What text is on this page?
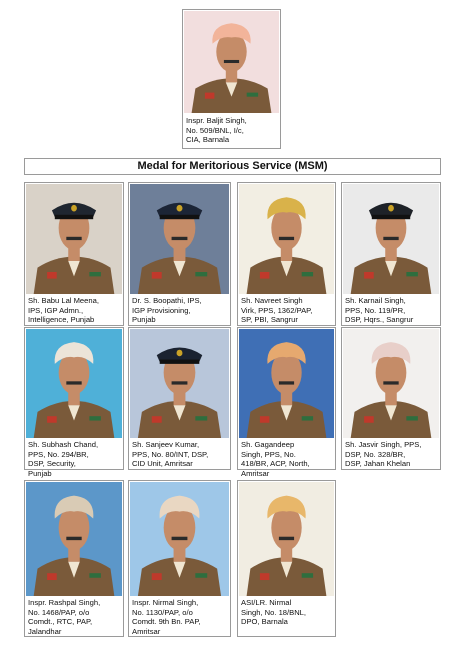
Inspr. Baljit Singh,
No. 509/BNL, I/c,
CIA, Barnala
Medal for Meritorious Service (MSM)
Sh. Babu Lal Meena,
IPS, IGP Admn.,
Intelligence, Punjab
Dr. S. Boopathi, IPS,
IGP Provisioning,
Punjab
Sh. Navreet Singh
Virk, PPS, 1362/PAP,
SP, PBI, Sangrur
Sh. Karnail Singh,
PPS, No. 119/PR,
DSP, Hqrs., Sangrur
Sh. Subhash Chand,
PPS, No. 294/BR,
DSP, Security,
Punjab
Sh. Sanjeev Kumar,
PPS, No. 80/INT, DSP,
CID Unit, Amritsar
Sh. Gagandeep
Singh, PPS, No.
418/BR, ACP, North,
Amritsar
Sh. Jasvir Singh, PPS,
DSP, No. 328/BR,
DSP, Jahan Khelan
Inspr. Rashpal Singh,
No. 1468/PAP, o/o
Comdt., RTC, PAP,
Jalandhar
Inspr. Nirmal Singh,
No. 1130/PAP, o/o
Comdt. 9th Bn. PAP,
Amritsar
ASI/LR. Nirmal
Singh, No. 18/BNL,
DPO, Barnala
